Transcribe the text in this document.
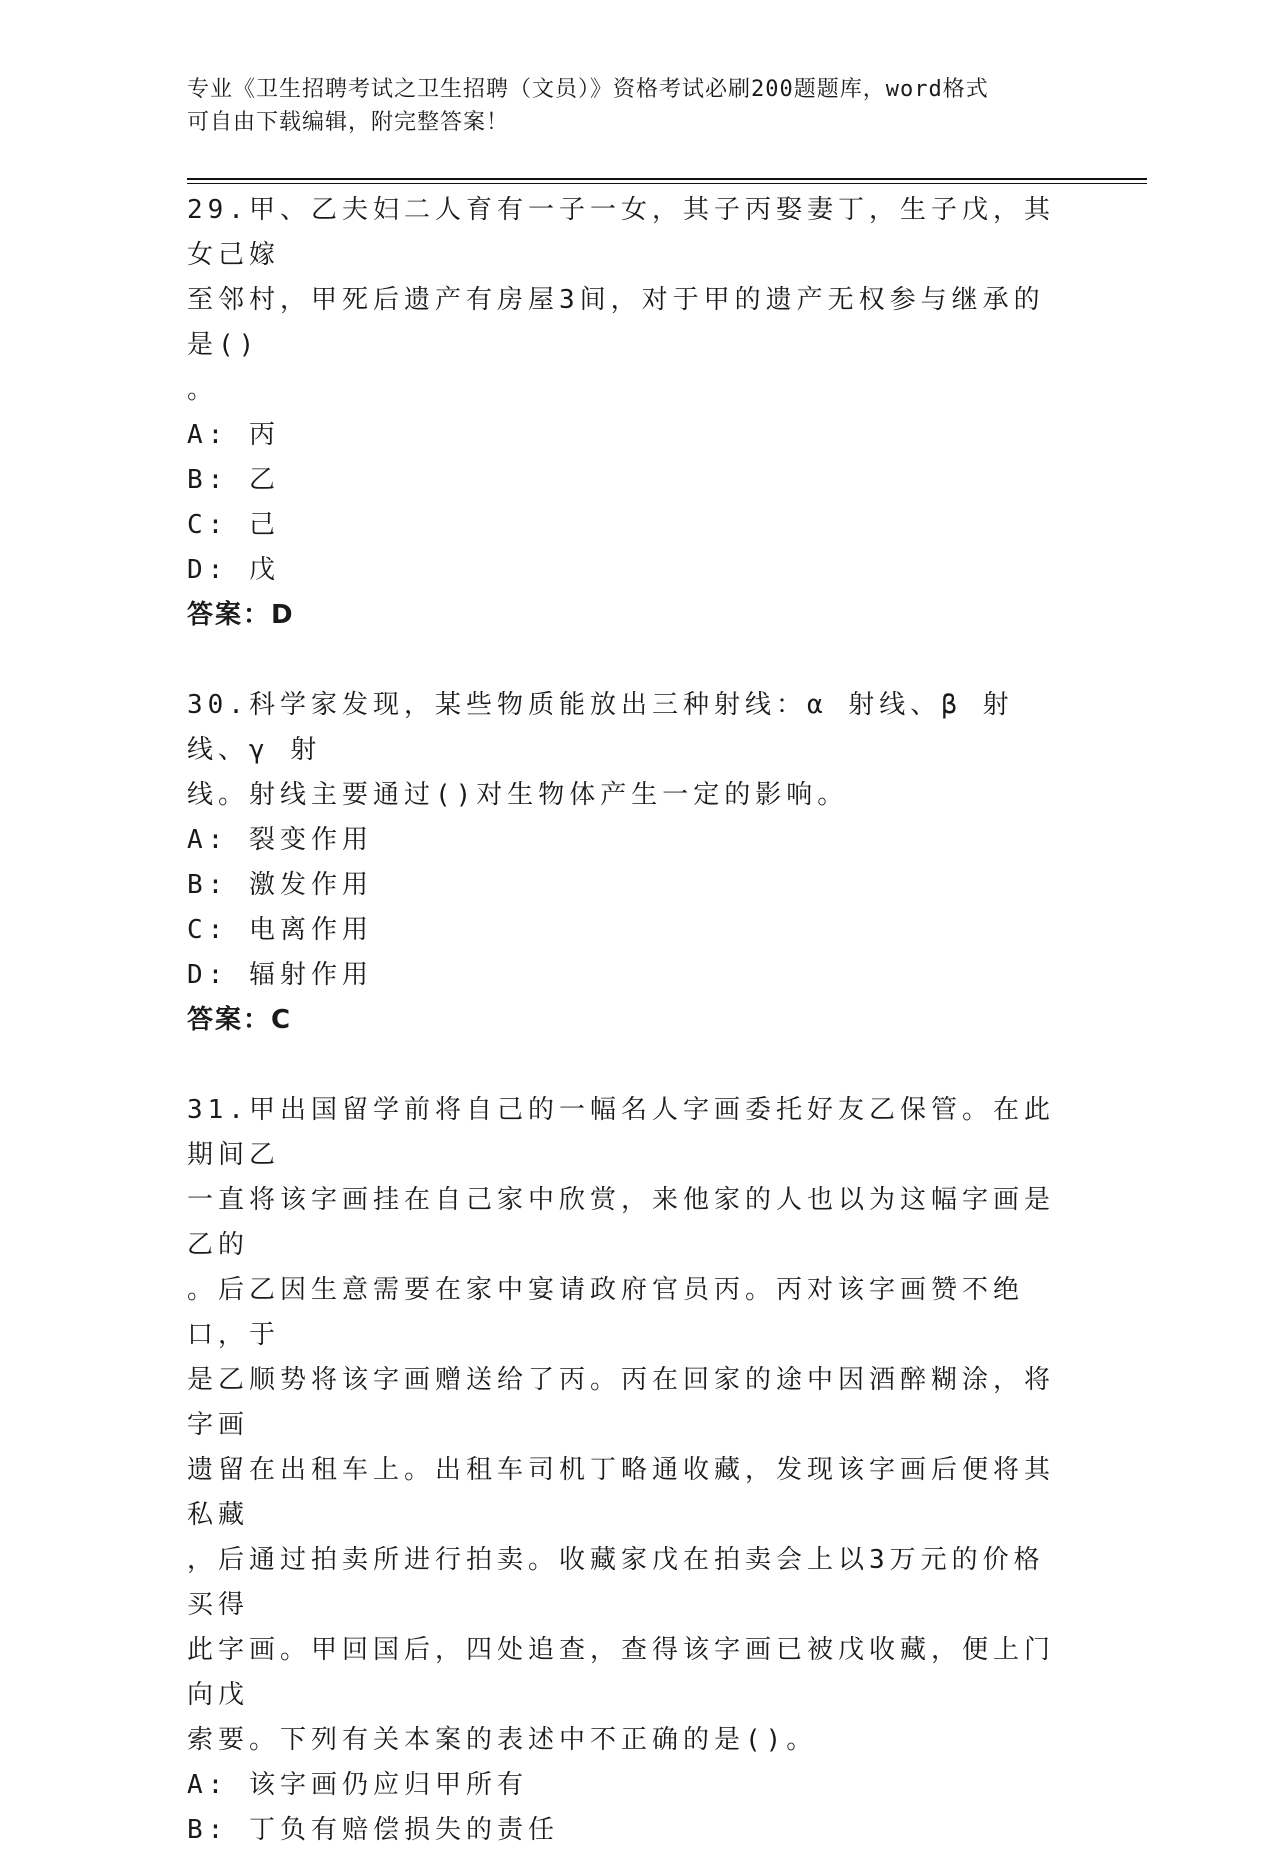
专业《卫生招聘考试之卫生招聘（文员）》资格考试必刷200题题库，word格式
可自由下载编辑，附完整答案！
29.甲、乙夫妇二人育有一子一女，其子丙娶妻丁，生子戊，其女己嫁
至邻村，甲死后遗产有房屋3间，对于甲的遗产无权参与继承的是()
。
A: 丙
B: 乙
C: 己
D: 戊
答案：D
30.科学家发现，某些物质能放出三种射线：α 射线、β 射线、γ 射
线。射线主要通过()对生物体产生一定的影响。
A: 裂变作用
B: 激发作用
C: 电离作用
D: 辐射作用
答案：C
31.甲出国留学前将自己的一幅名人字画委托好友乙保管。在此期间乙
一直将该字画挂在自己家中欣赏，来他家的人也以为这幅字画是乙的
。后乙因生意需要在家中宴请政府官员丙。丙对该字画赞不绝口，于
是乙顺势将该字画赠送给了丙。丙在回家的途中因酒醉糊涂，将字画
遗留在出租车上。出租车司机丁略通收藏，发现该字画后便将其私藏
，后通过拍卖所进行拍卖。收藏家戊在拍卖会上以3万元的价格买得
此字画。甲回国后，四处追查，查得该字画已被戊收藏，便上门向戊
索要。下列有关本案的表述中不正确的是()。
A: 该字画仍应归甲所有
B: 丁负有赔偿损失的责任
